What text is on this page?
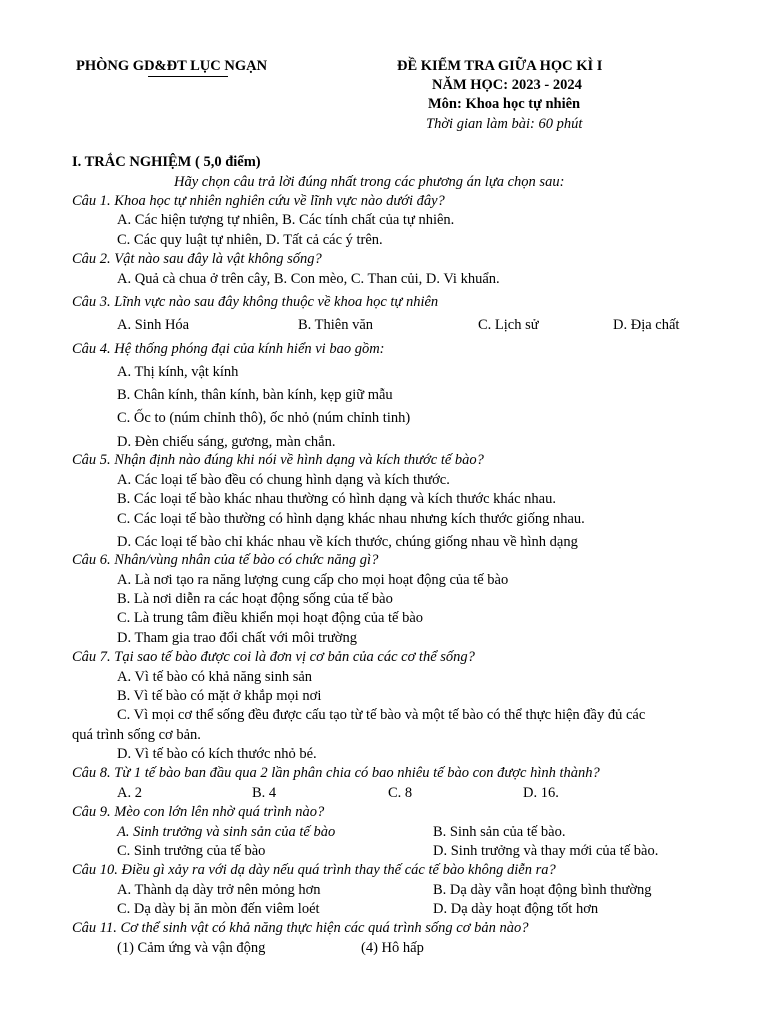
PHÒNG GD&ĐT LỤC NGẠN	ĐỀ KIỂM TRA GIỮA HỌC KÌ I
NĂM HỌC: 2023 - 2024
Môn: Khoa học tự nhiên
Thời gian làm bài: 60 phút
I. TRẮC NGHIỆM ( 5,0 điểm)
Hãy chọn câu trả lời đúng nhất trong các phương án lựa chọn sau:
Câu 1. Khoa học tự nhiên nghiên cứu về lĩnh vực nào dưới đây?
A. Các hiện tượng tự nhiên, B. Các tính chất của tự nhiên.
C. Các quy luật tự nhiên, D. Tất cả các ý trên.
Câu 2. Vật nào sau đây là vật không sống?
A. Quả cà chua ở trên cây, B. Con mèo, C. Than củi, D. Vi khuẩn.
Câu 3. Lĩnh vực nào sau đây không thuộc về khoa học tự nhiên
A. Sinh Hóa	B. Thiên văn	C. Lịch sử	D. Địa chất
Câu 4. Hệ thống phóng đại của kính hiển vi bao gồm:
A. Thị kính, vật kính
B. Chân kính, thân kính, bàn kính, kẹp giữ mẫu
C. Ốc to (núm chỉnh thô), ốc nhỏ (núm chỉnh tinh)
D. Đèn chiếu sáng, gương, màn chắn.
Câu 5. Nhận định nào đúng khi nói về hình dạng và kích thước tế bào?
A. Các loại tế bào đều có chung hình dạng và kích thước.
B. Các loại tế bào khác nhau thường có hình dạng và kích thước khác nhau.
C. Các loại tế bào thường có hình dạng khác nhau nhưng kích thước giống nhau.
D. Các loại tế bào chỉ khác nhau về kích thước, chúng giống nhau về hình dạng
Câu 6. Nhân/vùng nhân của tế bào có chức năng gì?
A. Là nơi tạo ra năng lượng cung cấp cho mọi hoạt động của tế bào
B. Là nơi diễn ra các hoạt động sống của tế bào
C. Là trung tâm điều khiển mọi hoạt động của tế bào
D. Tham gia trao đổi chất với môi trường
Câu 7. Tại sao tế bào được coi là đơn vị cơ bản của các cơ thể sống?
A. Vì tế bào có khả năng sinh sản
B. Vì tế bào có mặt ở khắp mọi nơi
C. Vì mọi cơ thể sống đều được cấu tạo từ tế bào và một tế bào có thể thực hiện đầy đủ các
quá trình sống cơ bản.
D. Vì tế bào có kích thước nhỏ bé.
Câu 8. Từ 1 tế bào ban đầu qua 2 lần phân chia có bao nhiêu tế bào con được hình thành?
A. 2	B. 4	C. 8	D. 16.
Câu 9. Mèo con lớn lên nhờ quá trình nào?
A. Sinh trưởng và sinh sản của tế bào	B. Sinh sản của tế bào.
C. Sinh trưởng của tế bào	D. Sinh trưởng và thay mới của tế bào.
Câu 10. Điều gì xảy ra với dạ dày nếu quá trình thay thế các tế bào không diễn ra?
A. Thành dạ dày trở nên mỏng hơn	B. Dạ dày vẫn hoạt động bình thường
C. Dạ dày bị ăn mòn đến viêm loét	D. Dạ dày hoạt động tốt hơn
Câu 11. Cơ thể sinh vật có khả năng thực hiện các quá trình sống cơ bản nào?
(1) Cảm ứng và vận động	(4) Hô hấp
